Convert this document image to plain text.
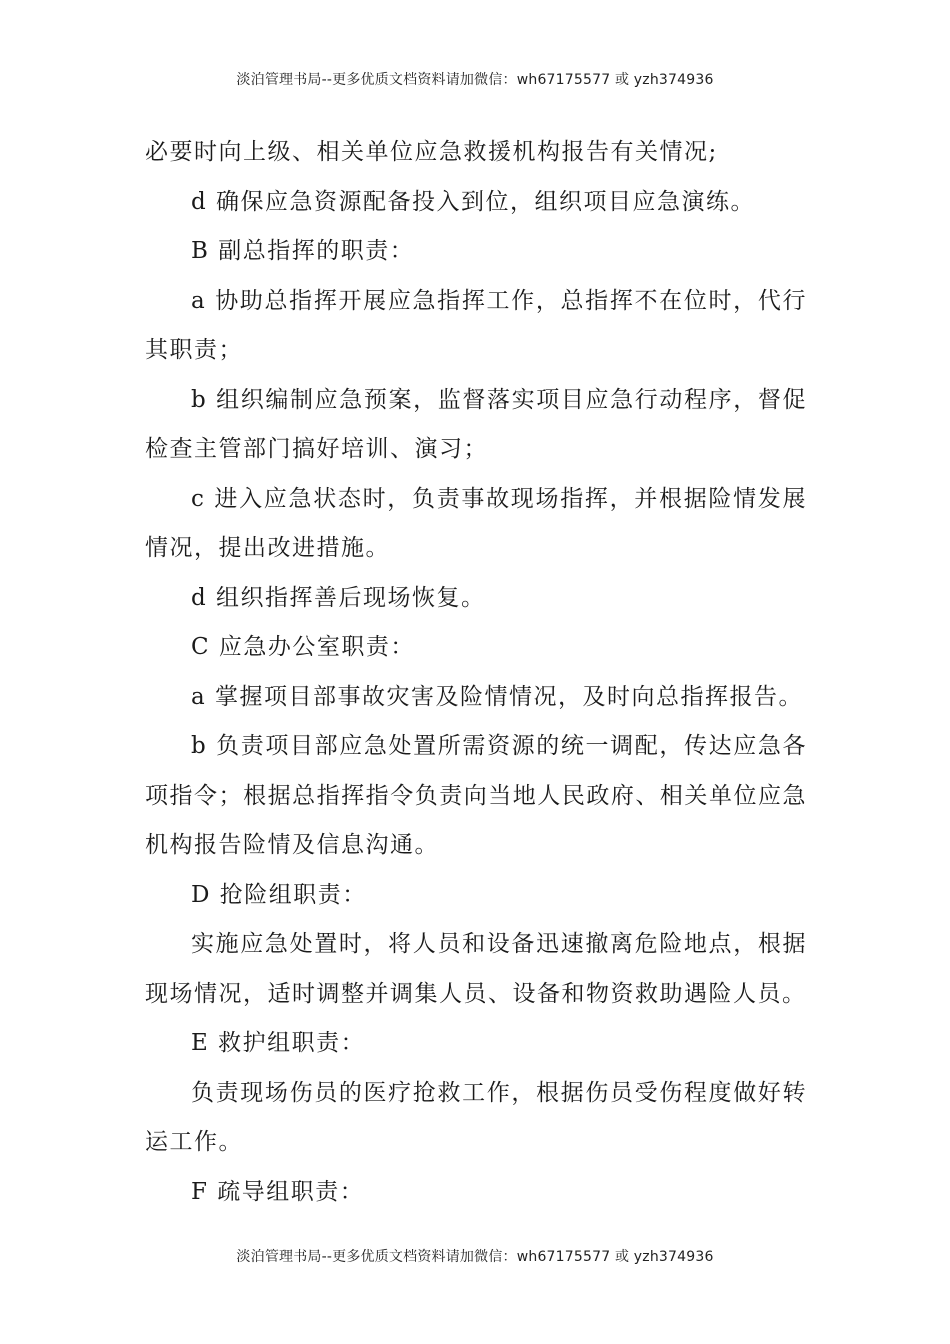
淡泊管理书局--更多优质文档资料请加微信：wh67175577 或 yzh374936

必要时向上级、相关单位应急救援机构报告有关情况;

d 确保应急资源配备投入到位，组织项目应急演练。

B 副总指挥的职责：

a 协助总指挥开展应急指挥工作，总指挥不在位时，代行其职责；

b 组织编制应急预案，监督落实项目应急行动程序，督促检查主管部门搞好培训、演习；

c 进入应急状态时，负责事故现场指挥，并根据险情发展情况，提出改进措施。

d 组织指挥善后现场恢复。

C 应急办公室职责：

a 掌握项目部事故灾害及险情情况，及时向总指挥报告。

b 负责项目部应急处置所需资源的统一调配，传达应急各项指令；根据总指挥指令负责向当地人民政府、相关单位应急机构报告险情及信息沟通。

D 抢险组职责：

实施应急处置时，将人员和设备迅速撤离危险地点，根据现场情况，适时调整并调集人员、设备和物资救助遇险人员。

E 救护组职责：

负责现场伤员的医疗抢救工作，根据伤员受伤程度做好转运工作。

F 疏导组职责：

淡泊管理书局--更多优质文档资料请加微信：wh67175577 或 yzh374936
